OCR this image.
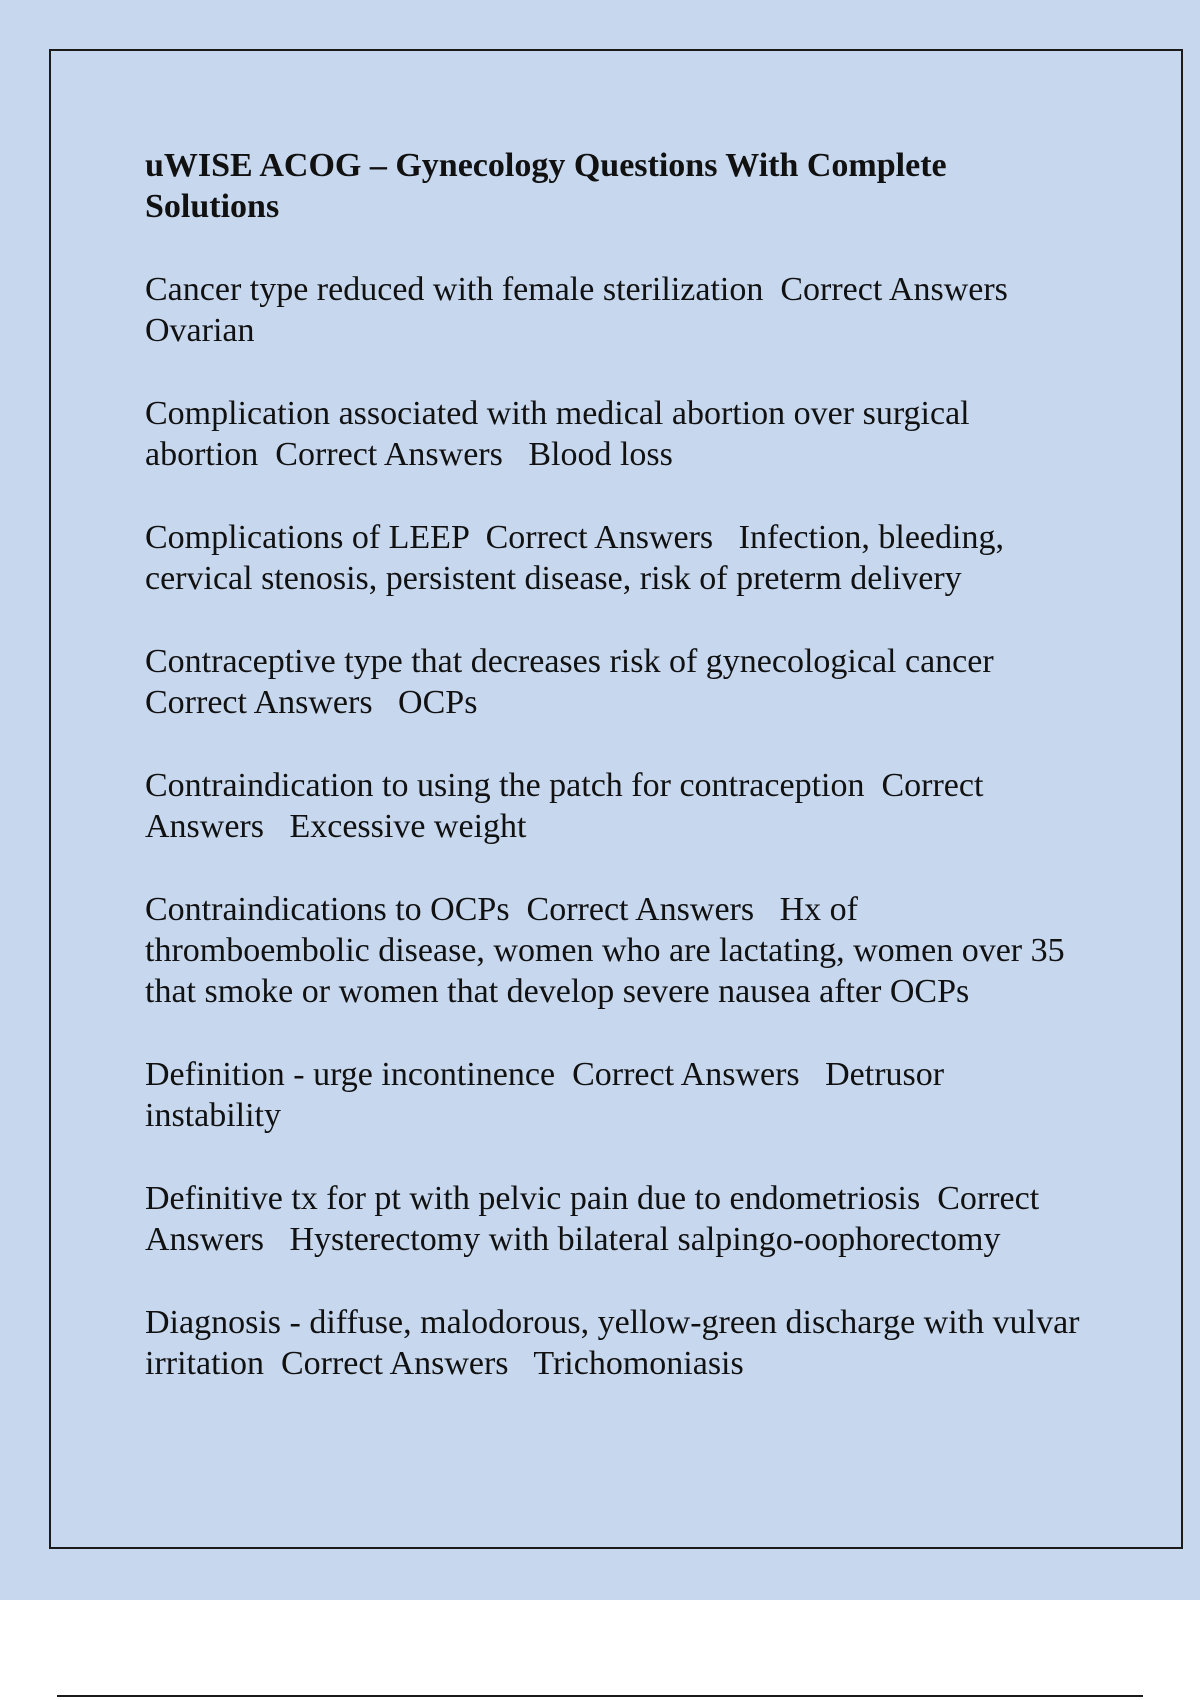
uWISE ACOG – Gynecology Questions With Complete Solutions

Cancer type reduced with female sterilization  Correct Answers   Ovarian

Complication associated with medical abortion over surgical abortion  Correct Answers   Blood loss

Complications of LEEP  Correct Answers   Infection, bleeding, cervical stenosis, persistent disease, risk of preterm delivery

Contraceptive type that decreases risk of gynecological cancer  Correct Answers   OCPs

Contraindication to using the patch for contraception  Correct Answers   Excessive weight

Contraindications to OCPs  Correct Answers   Hx of thromboembolic disease, women who are lactating, women over 35 that smoke or women that develop severe nausea after OCPs

Definition - urge incontinence  Correct Answers   Detrusor instability

Definitive tx for pt with pelvic pain due to endometriosis  Correct Answers   Hysterectomy with bilateral salpingo-oophorectomy

Diagnosis - diffuse, malodorous, yellow-green discharge with vulvar irritation  Correct Answers   Trichomoniasis
